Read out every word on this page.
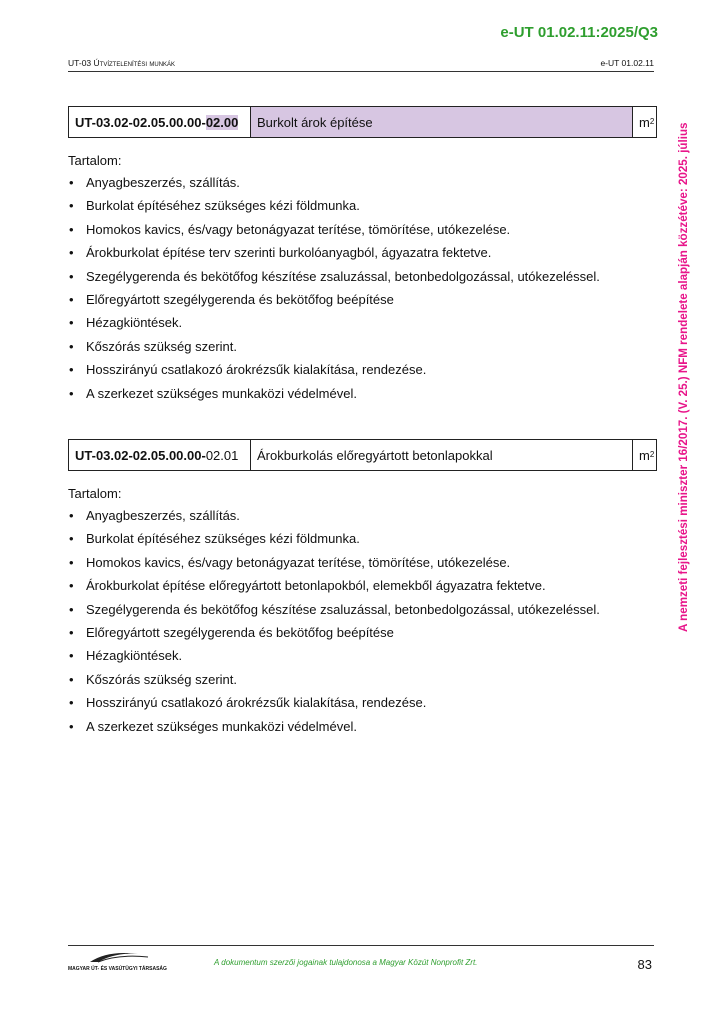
e-UT 01.02.11:2025/Q3
UT-03 Útvíztelenítési munkák	e-UT 01.02.11
A nemzeti fejlesztési miniszter 16/2017. (V. 25.) NFM rendelete alapján közzétéve: 2025. július
UT-03.02-02.05.00.00- 02.00	Burkolt árok építése	m 2

Tartalom:

• Anyagbeszerzés, szállítás.
• Burkolat építéséhez szükséges kézi földmunka.
• Homokos kavics, és/vagy betonágyazat terítése, tömörítése, utókezelése.
• Árokburkolat építése terv szerinti burkolóanyagból, ágyazatra fektetve.
• Szegélygerenda és bekötőfog készítése zsaluzással, betonbedolgozással, utókezeléssel.
• Előregyártott szegélygerenda és bekötőfog beépítése
• Hézagkiöntések.
• Kőszórás szükség szerint.
• Hosszirányú csatlakozó árokrézsűk kialakítása, rendezése.
• A szerkezet szükséges munkaközi védelmével.
UT-03.02-02.05.00.00- 02.01	Árokburkolás előregyártott betonlapokkal	m 2

Tartalom:

• Anyagbeszerzés, szállítás.
• Burkolat építéséhez szükséges kézi földmunka.
• Homokos kavics, és/vagy betonágyazat terítése, tömörítése, utókezelése.
• Árokburkolat építése előregyártott betonlapokból, elemekből ágyazatra fektetve.
• Szegélygerenda és bekötőfog készítése zsaluzással, betonbedolgozással, utókezeléssel.
• Előregyártott szegélygerenda és bekötőfog beépítése
• Hézagkiöntések.
• Kőszórás szükség szerint.
• Hosszirányú csatlakozó árokrézsűk kialakítása, rendezése.
• A szerkezet szükséges munkaközi védelmével.
MAGYAR ÚT- ÉS VASÚTÜGYI TÁRSASÁG
A dokumentum szerzői jogainak tulajdonosa a Magyar Közút Nonprofit Zrt.	83
